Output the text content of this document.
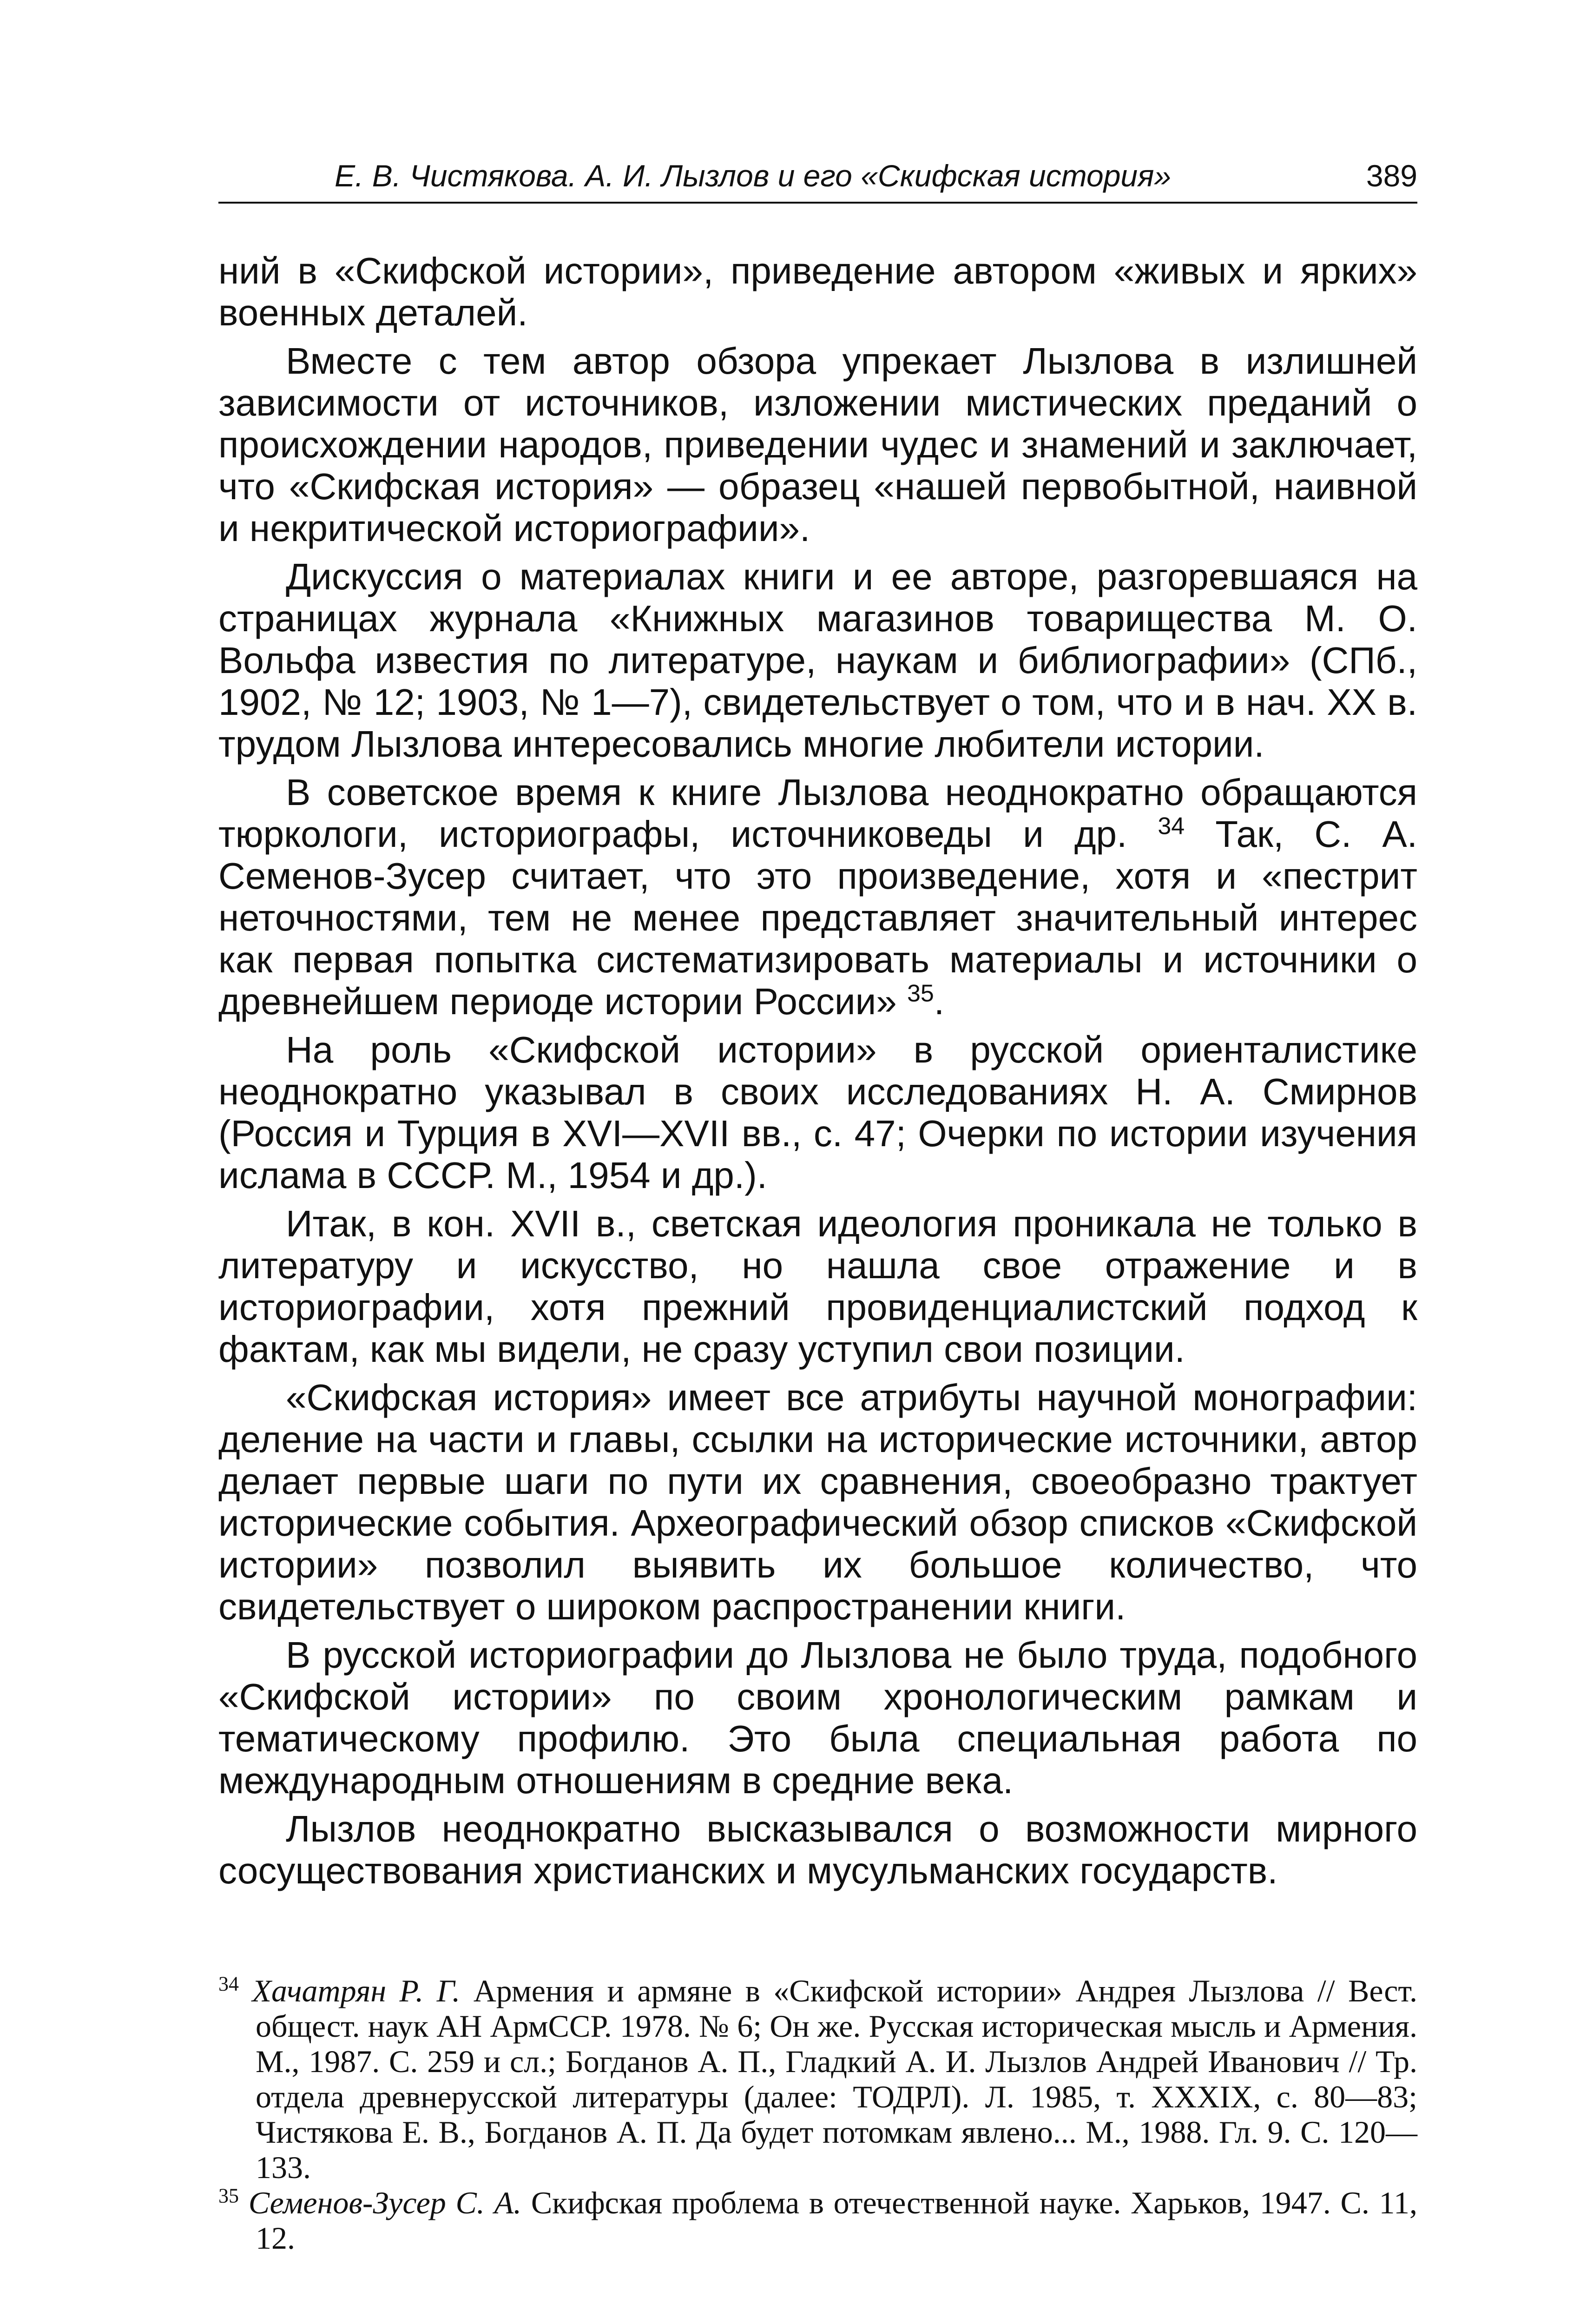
Е. В. Чистякова. А. И. Лызлов и его «Скифская история»	389

ний в «Скифской истории», приведение автором «живых и ярких» военных деталей.

Вместе с тем автор обзора упрекает Лызлова в излишней зависимости от источников, изложении мистических преданий о происхождении народов, приведении чудес и знамений и заключает, что «Скифская история» — образец «нашей первобытной, наивной и некритической историографии».

Дискуссия о материалах книги и ее авторе, разгоревшаяся на страницах журнала «Книжных магазинов товарищества М. О. Вольфа известия по литературе, наукам и библиографии» (СПб., 1902, № 12; 1903, № 1—7), свидетельствует о том, что и в нач. XX в. трудом Лызлова интересовались многие любители истории.

В советское время к книге Лызлова неоднократно обращаются тюркологи, историографы, источниковеды и др. $^{34}$ Так, С. А. Семенов-Зусер считает, что это произведение, хотя и «пестрит неточностями, тем не менее представляет значительный интерес как первая попытка систематизировать материалы и источники о древнейшем периоде истории России» $^{35}$.

На роль «Скифской истории» в русской ориенталистике неоднократно указывал в своих исследованиях Н. А. Смирнов (Россия и Турция в XVI—XVII вв., с. 47; Очерки по истории изучения ислама в СССР. М., 1954 и др.).

Итак, в кон. XVII в., светская идеология проникала не только в литературу и искусство, но нашла свое отражение и в историографии, хотя прежний провиденциалистский подход к фактам, как мы видели, не сразу уступил свои позиции.

«Скифская история» имеет все атрибуты научной монографии: деление на части и главы, ссылки на исторические источники, автор делает первые шаги по пути их сравнения, своеобразно трактует исторические события. Археографический обзор списков «Скифской истории» позволил выявить их большое количество, что свидетельствует о широком распространении книги.

В русской историографии до Лызлова не было труда, подобного «Скифской истории» по своим хронологическим рамкам и тематическому профилю. Это была специальная работа по международным отношениям в средние века.

Лызлов неоднократно высказывался о возможности мирного сосуществования христианских и мусульманских государств.

$^{34}$ Хачатрян Р. Г. Армения и армяне в «Скифской истории» Андрея Лызлова // Вест. общест. наук АН АрмССР. 1978. № 6; Он же. Русская историческая мысль и Армения. М., 1987. С. 259 и сл.; Богданов А. П., Гладкий А. И. Лызлов Андрей Иванович // Тр. отдела древнерусской литературы (далее: ТОДРЛ). Л. 1985, т. XXXIX, с. 80—83; Чистякова Е. В., Богданов А. П. Да будет потомкам явлено... М., 1988. Гл. 9. С. 120—133.

$^{35}$ Семенов-Зусер С. А. Скифская проблема в отечественной науке. Харьков, 1947. С. 11, 12.
